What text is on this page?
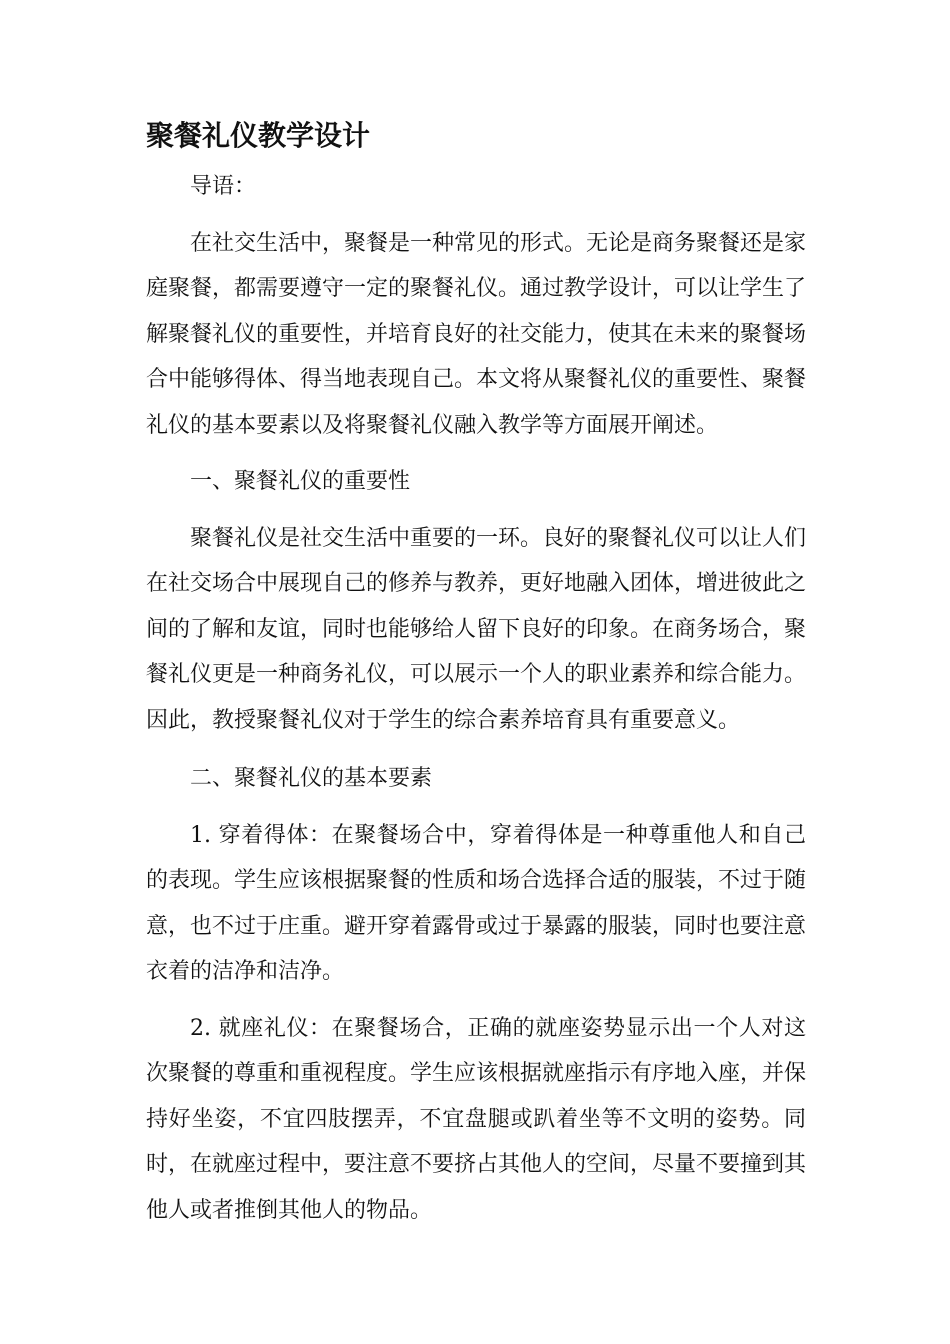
聚餐礼仪教学设计

导语：

在社交生活中，聚餐是一种常见的形式。无论是商务聚餐还是家庭聚餐，都需要遵守一定的聚餐礼仪。通过教学设计，可以让学生了解聚餐礼仪的重要性，并培育良好的社交能力，使其在未来的聚餐场合中能够得体、得当地表现自己。本文将从聚餐礼仪的重要性、聚餐礼仪的基本要素以及将聚餐礼仪融入教学等方面展开阐述。

一、聚餐礼仪的重要性

聚餐礼仪是社交生活中重要的一环。良好的聚餐礼仪可以让人们在社交场合中展现自己的修养与教养，更好地融入团体，增进彼此之间的了解和友谊，同时也能够给人留下良好的印象。在商务场合，聚餐礼仪更是一种商务礼仪，可以展示一个人的职业素养和综合能力。因此，教授聚餐礼仪对于学生的综合素养培育具有重要意义。

二、聚餐礼仪的基本要素

1. 穿着得体：在聚餐场合中，穿着得体是一种尊重他人和自己的表现。学生应该根据聚餐的性质和场合选择合适的服装，不过于随意，也不过于庄重。避开穿着露骨或过于暴露的服装，同时也要注意衣着的洁净和洁净。

2. 就座礼仪：在聚餐场合，正确的就座姿势显示出一个人对这次聚餐的尊重和重视程度。学生应该根据就座指示有序地入座，并保持好坐姿，不宜四肢摆弄，不宜盘腿或趴着坐等不文明的姿势。同时，在就座过程中，要注意不要挤占其他人的空间，尽量不要撞到其他人或者推倒其他人的物品。
